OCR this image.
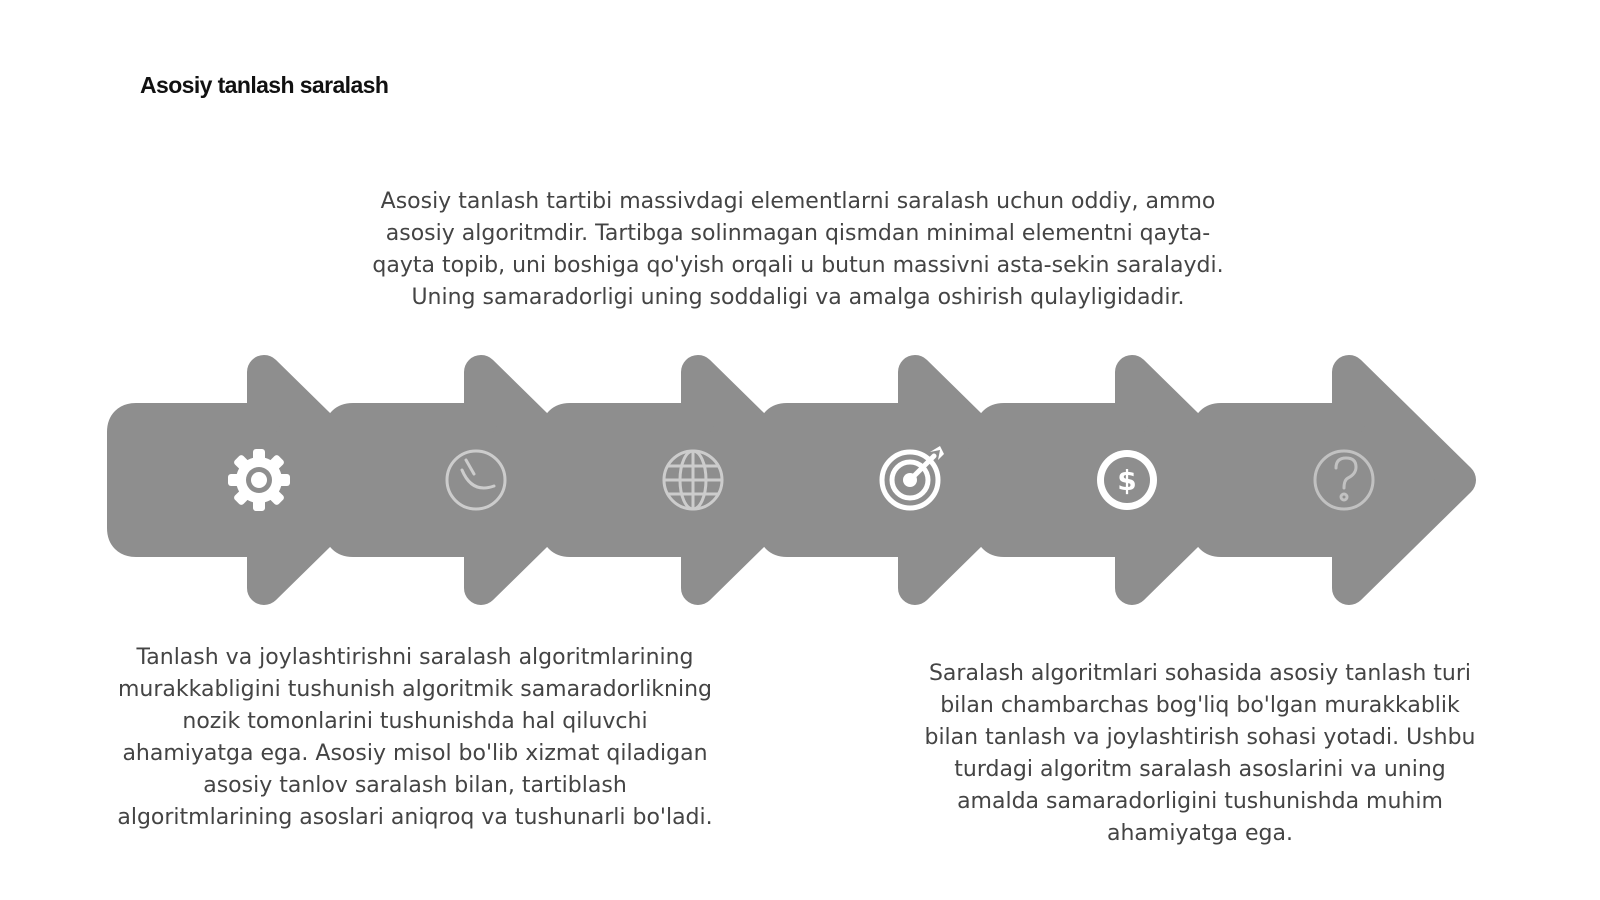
$
Asosiy tanlash saralash

Asosiy tanlash tartibi massivdagi elementlarni saralash uchun oddiy, ammo asosiy algoritmdir. Tartibga solinmagan qismdan minimal elementni qayta-qayta topib, uni boshiga qo'yish orqali u butun massivni asta-sekin saralaydi. Uning samaradorligi uning soddaligi va amalga oshirish qulayligidadir.

Tanlash va joylashtirishni saralash algoritmlarining murakkabligini tushunish algoritmik samaradorlikning nozik tomonlarini tushunishda hal qiluvchi ahamiyatga ega. Asosiy misol bo'lib xizmat qiladigan asosiy tanlov saralash bilan, tartiblash algoritmlarining asoslari aniqroq va tushunarli bo'ladi.

Saralash algoritmlari sohasida asosiy tanlash turi bilan chambarchas bog'liq bo'lgan murakkablik bilan tanlash va joylashtirish sohasi yotadi. Ushbu turdagi algoritm saralash asoslarini va uning amalda samaradorligini tushunishda muhim ahamiyatga ega.
